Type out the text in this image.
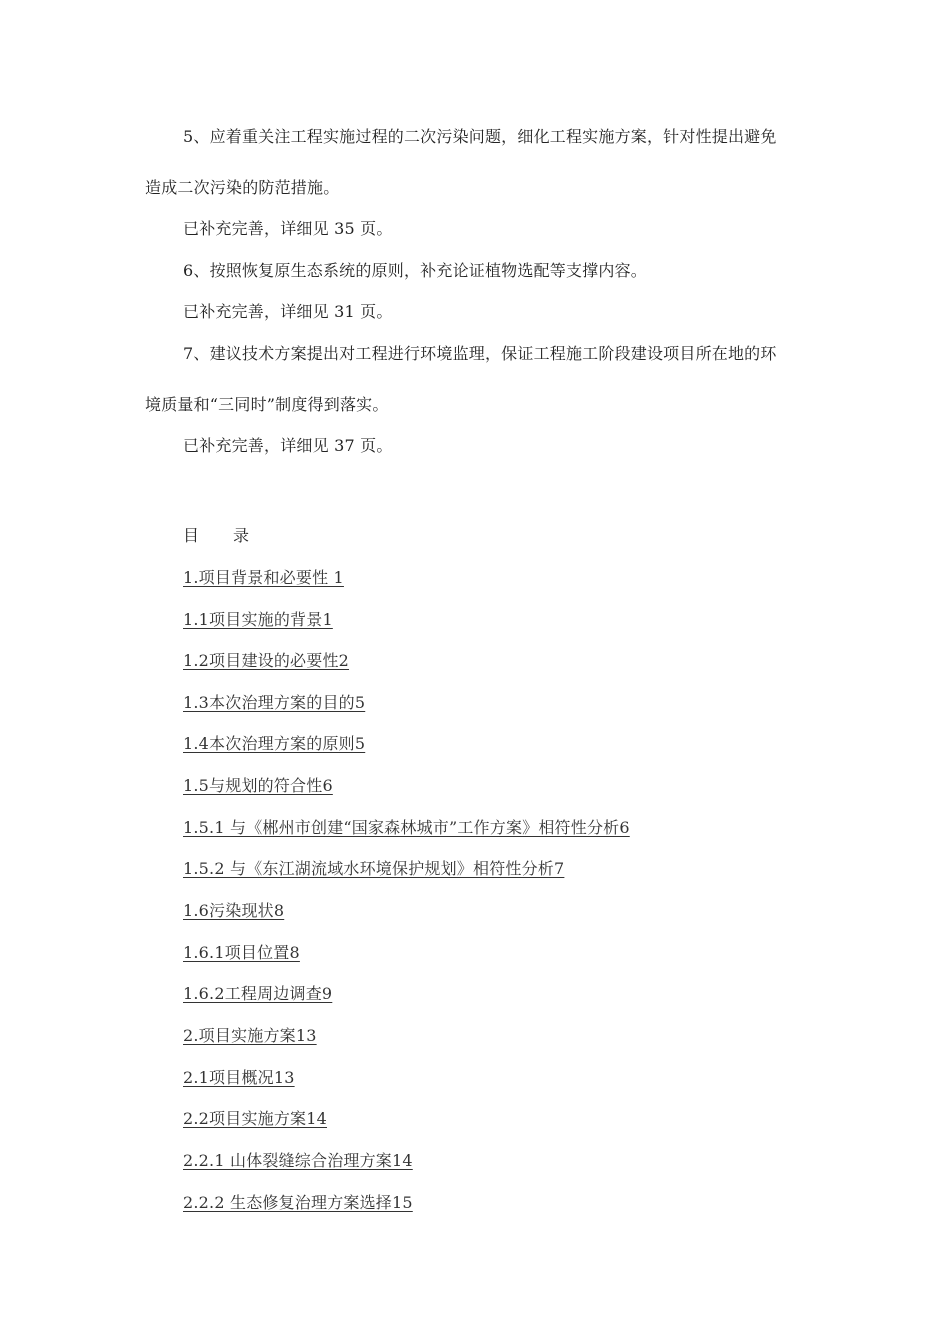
5、应着重关注工程实施过程的二次污染问题，细化工程实施方案，针对性提出避免
造成二次污染的防范措施。
已补充完善，详细见 35 页。
6、按照恢复原生态系统的原则，补充论证植物选配等支撑内容。
已补充完善，详细见 31 页。
7、建议技术方案提出对工程进行环境监理，保证工程施工阶段建设项目所在地的环
境质量和“三同时”制度得到落实。
已补充完善，详细见 37 页。
目 录
1.项目背景和必要性 1
1.1项目实施的背景1
1.2项目建设的必要性2
1.3本次治理方案的目的5
1.4本次治理方案的原则5
1.5与规划的符合性6
1.5.1 与《郴州市创建“国家森林城市”工作方案》相符性分析6
1.5.2 与《东江湖流域水环境保护规划》相符性分析7
1.6污染现状8
1.6.1项目位置8
1.6.2工程周边调查9
2.项目实施方案13
2.1项目概况13
2.2项目实施方案14
2.2.1 山体裂缝综合治理方案14
2.2.2 生态修复治理方案选择15
